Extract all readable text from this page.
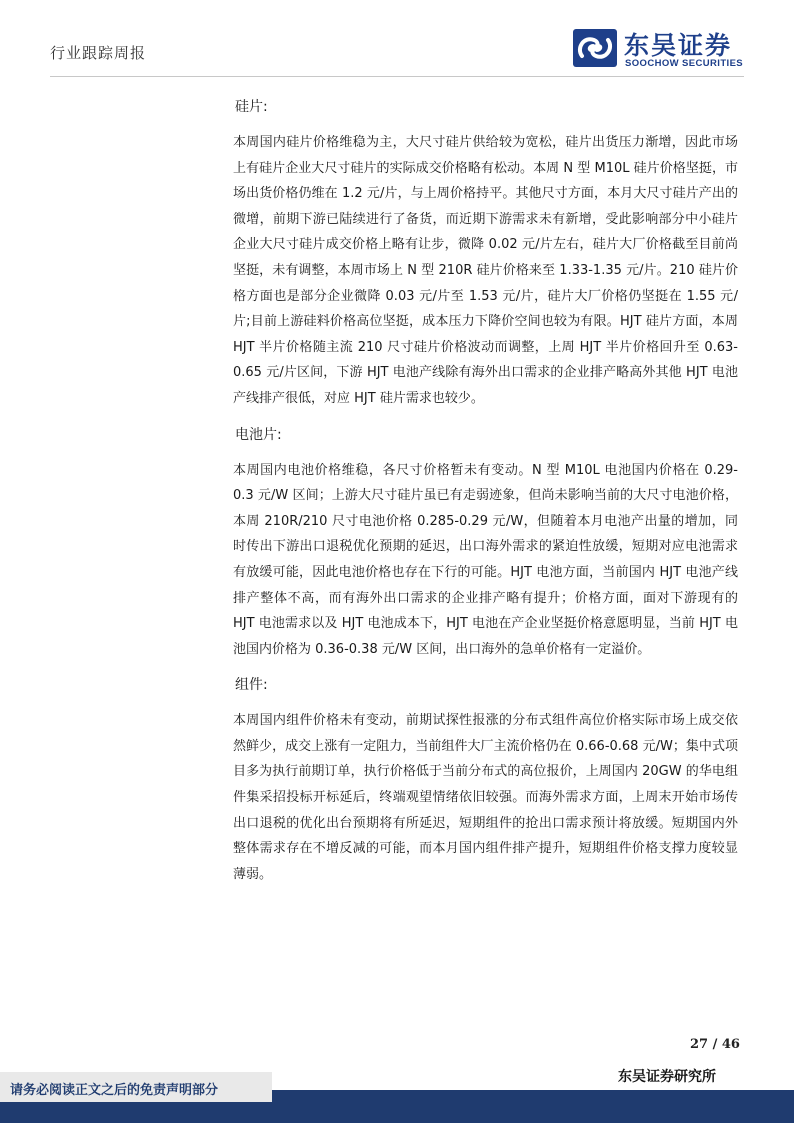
行业跟踪周报	东吴证券
SOOCHOW SECURITIES

硅片:

本周国内硅片价格维稳为主，大尺寸硅片供给较为宽松，硅片出货压力渐增，因此市场上有硅片企业大尺寸硅片的实际成交价格略有松动。本周 N 型 M10L 硅片价格坚挺，市场出货价格仍维在 1.2 元/片，与上周价格持平。其他尺寸方面，本月大尺寸硅片产出的微增，前期下游已陆续进行了备货，而近期下游需求未有新增，受此影响部分中小硅片企业大尺寸硅片成交价格上略有让步，微降 0.02 元/片左右，硅片大厂价格截至目前尚坚挺，未有调整，本周市场上 N 型 210R 硅片价格来至 1.33-1.35 元/片。210 硅片价格方面也是部分企业微降 0.03 元/片至 1.53 元/片，硅片大厂价格仍坚挺在 1.55 元/片;目前上游硅料价格高位坚挺，成本压力下降价空间也较为有限。HJT 硅片方面，本周 HJT 半片价格随主流 210 尺寸硅片价格波动而调整，上周 HJT 半片价格回升至 0.63-0.65 元/片区间，下游 HJT 电池产线除有海外出口需求的企业排产略高外其他 HJT 电池产线排产很低，对应 HJT 硅片需求也较少。

电池片:

本周国内电池价格维稳，各尺寸价格暂未有变动。N 型 M10L 电池国内价格在 0.29-0.3 元/W 区间；上游大尺寸硅片虽已有走弱迹象，但尚未影响当前的大尺寸电池价格，本周 210R/210 尺寸电池价格 0.285-0.29 元/W，但随着本月电池产出量的增加，同时传出下游出口退税优化预期的延迟，出口海外需求的紧迫性放缓，短期对应电池需求有放缓可能，因此电池价格也存在下行的可能。HJT 电池方面，当前国内 HJT 电池产线排产整体不高，而有海外出口需求的企业排产略有提升；价格方面，面对下游现有的 HJT 电池需求以及 HJT 电池成本下，HJT 电池在产企业坚挺价格意愿明显，当前 HJT 电池国内价格为 0.36-0.38 元/W 区间，出口海外的急单价格有一定溢价。

组件:

本周国内组件价格未有变动，前期试探性报涨的分布式组件高位价格实际市场上成交依然鲜少，成交上涨有一定阻力，当前组件大厂主流价格仍在 0.66-0.68 元/W；集中式项目多为执行前期订单，执行价格低于当前分布式的高位报价，上周国内 20GW 的华电组件集采招投标开标延后，终端观望情绪依旧较强。而海外需求方面，上周末开始市场传出口退税的优化出台预期将有所延迟，短期组件的抢出口需求预计将放缓。短期国内外整体需求存在不增反减的可能，而本月国内组件排产提升，短期组件价格支撑力度较显薄弱。

27 / 46
东吴证券研究所
请务必阅读正文之后的免责声明部分
